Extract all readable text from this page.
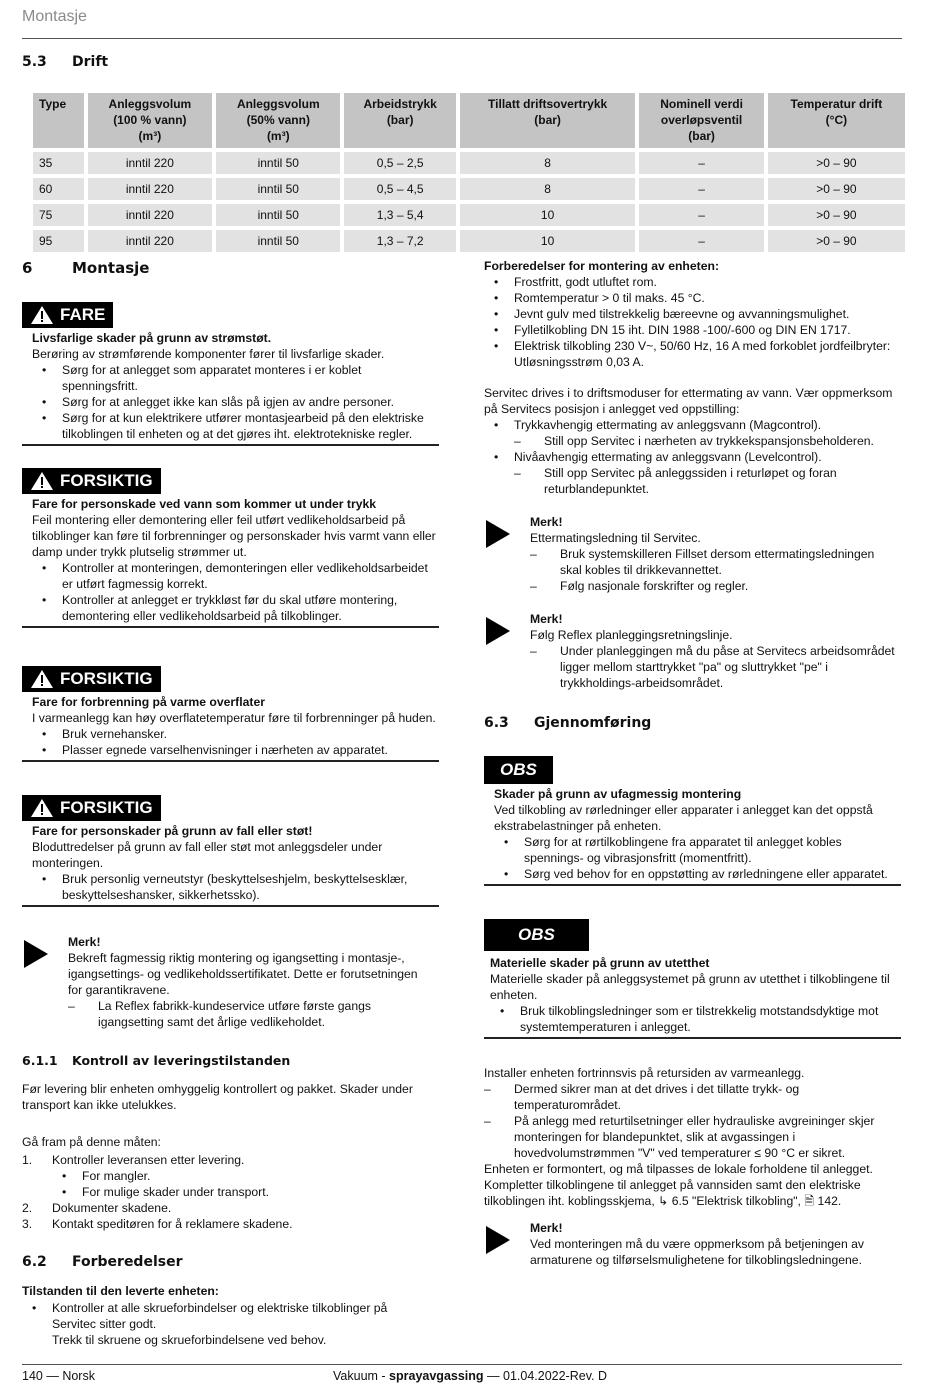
Montasje
5.3 Drift
Type	Anleggsvolum
(100 % vann)
(m³)	Anleggsvolum
(50% vann)
(m³)	Arbeidstrykk
(bar)	Tillatt driftsovertrykk
(bar)	Nominell verdi
overløpsventil
(bar)	Temperatur drift
(°C)
35	inntil 220	inntil 50	0,5 – 2,5	8	–	>0 – 90
60	inntil 220	inntil 50	0,5 – 4,5	8	–	>0 – 90
75	inntil 220	inntil 50	1,3 – 5,4	10	–	>0 – 90
95	inntil 220	inntil 50	1,3 – 7,2	10	–	>0 – 90
6	Montasje
FARE
Livsfarlige skader på grunn av strømstøt.
Berøring av strømførende komponenter fører til livsfarlige skader.
• Sørg for at anlegget som apparatet monteres i er koblet spenningsfritt.
• Sørg for at anlegget ikke kan slås på igjen av andre personer.
• Sørg for at kun elektrikere utfører montasjearbeid på den elektriske tilkoblingen til enheten og at det gjøres iht. elektrotekniske regler.
FORSIKTIG
Fare for personskade ved vann som kommer ut under trykk
Feil montering eller demontering eller feil utført vedlikeholdsarbeid på tilkoblinger kan føre til forbrenninger og personskader hvis varmt vann eller damp under trykk plutselig strømmer ut.
• Kontroller at monteringen, demonteringen eller vedlikeholdsarbeidet er utført fagmessig korrekt.
• Kontroller at anlegget er trykkløst før du skal utføre montering, demontering eller vedlikeholdsarbeid på tilkoblinger.
FORSIKTIG
Fare for forbrenning på varme overflater
I varmeanlegg kan høy overflatetemperatur føre til forbrenninger på huden.
• Bruk vernehansker.
• Plasser egnede varselhenvisninger i nærheten av apparatet.
FORSIKTIG
Fare for personskader på grunn av fall eller støt!
Bloduttredelser på grunn av fall eller støt mot anleggsdeler under monteringen.
• Bruk personlig verneutstyr (beskyttelseshjelm, beskyttelsesklær, beskyttelseshansker, sikkerhetssko).
Merk!
Bekreft fagmessig riktig montering og igangsetting i montasje-, igangsettings- og vedlikeholdssertifikatet. Dette er forutsetningen for garantikravene.
– La Reflex fabrikk-kundeservice utføre første gangs igangsetting samt det årlige vedlikeholdet.
6.1.1 Kontroll av leveringstilstanden
Før levering blir enheten omhyggelig kontrollert og pakket. Skader under transport kan ikke utelukkes.
Gå fram på denne måten:
1. Kontroller leveransen etter levering.
• For mangler.
• For mulige skader under transport.
2. Dokumenter skadene.
3. Kontakt speditøren for å reklamere skadene.
6.2 Forberedelser
Tilstanden til den leverte enheten:
• Kontroller at alle skrueforbindelser og elektriske tilkoblinger på Servitec sitter godt.
Trekk til skruene og skrueforbindelsene ved behov.
Forberedelser for montering av enheten:
• Frostfritt, godt utluftet rom.
• Romtemperatur > 0 til maks. 45 °C.
• Jevnt gulv med tilstrekkelig bæreevne og avvanningsmulighet.
• Fylletilkobling DN 15 iht. DIN 1988 -100/-600 og DIN EN 1717.
• Elektrisk tilkobling 230 V~, 50/60 Hz, 16 A med forkoblet jordfeilbryter: Utløsningsstrøm 0,03 A.
Servitec drives i to driftsmoduser for ettermating av vann. Vær oppmerksom på Servitecs posisjon i anlegget ved oppstilling:
• Trykkavhengig ettermating av anleggsvann (Magcontrol).
– Still opp Servitec i nærheten av trykkekspansjonsbeholderen.
• Nivåavhengig ettermating av anleggsvann (Levelcontrol).
– Still opp Servitec på anleggssiden i returløpet og foran returblandepunktet.
Merk!
Ettermatingsledning til Servitec.
– Bruk systemskilleren Fillset dersom ettermatingsledningen skal kobles til drikkevannettet.
– Følg nasjonale forskrifter og regler.
Merk!
Følg Reflex planleggingsretningslinje.
– Under planleggingen må du påse at Servitecs arbeidsområdet ligger mellom starttrykket "pa" og sluttrykket "pe" i trykkholdings-arbeidsområdet.
6.3 Gjennomføring
OBS
Skader på grunn av ufagmessig montering
Ved tilkobling av rørledninger eller apparater i anlegget kan det oppstå ekstrabelastninger på enheten.
• Sørg for at rørtilkoblingene fra apparatet til anlegget kobles spennings- og vibrasjonsfritt (momentfritt).
• Sørg ved behov for en oppstøtting av rørledningene eller apparatet.
OBS
Materielle skader på grunn av utetthet
Materielle skader på anleggsystemet på grunn av utetthet i tilkoblingene til enheten.
• Bruk tilkoblingsledninger som er tilstrekkelig motstandsdyktige mot systemtemperaturen i anlegget.
Installer enheten fortrinnsvis på retursiden av varmeanlegg.
– Dermed sikrer man at det drives i det tillatte trykk- og temperaturområdet.
– På anlegg med returtilsetninger eller hydrauliske avgreininger skjer monteringen for blandepunktet, slik at avgassingen i hovedvolumstrømmen "V" ved temperaturer ≤ 90 °C er sikret.
Enheten er formontert, og må tilpasses de lokale forholdene til anlegget. Kompletter tilkoblingene til anlegget på vannsiden samt den elektriske tilkoblingen iht. koblingsskjema, ↳ 6.5 "Elektrisk tilkobling", 🗎 142.
Merk!
Ved monteringen må du være oppmerksom på betjeningen av armaturene og tilførselsmulighetene for tilkoblingsledningene.
140 — Norsk	Vakuum - sprayavgassing — 01.04.2022-Rev. D
